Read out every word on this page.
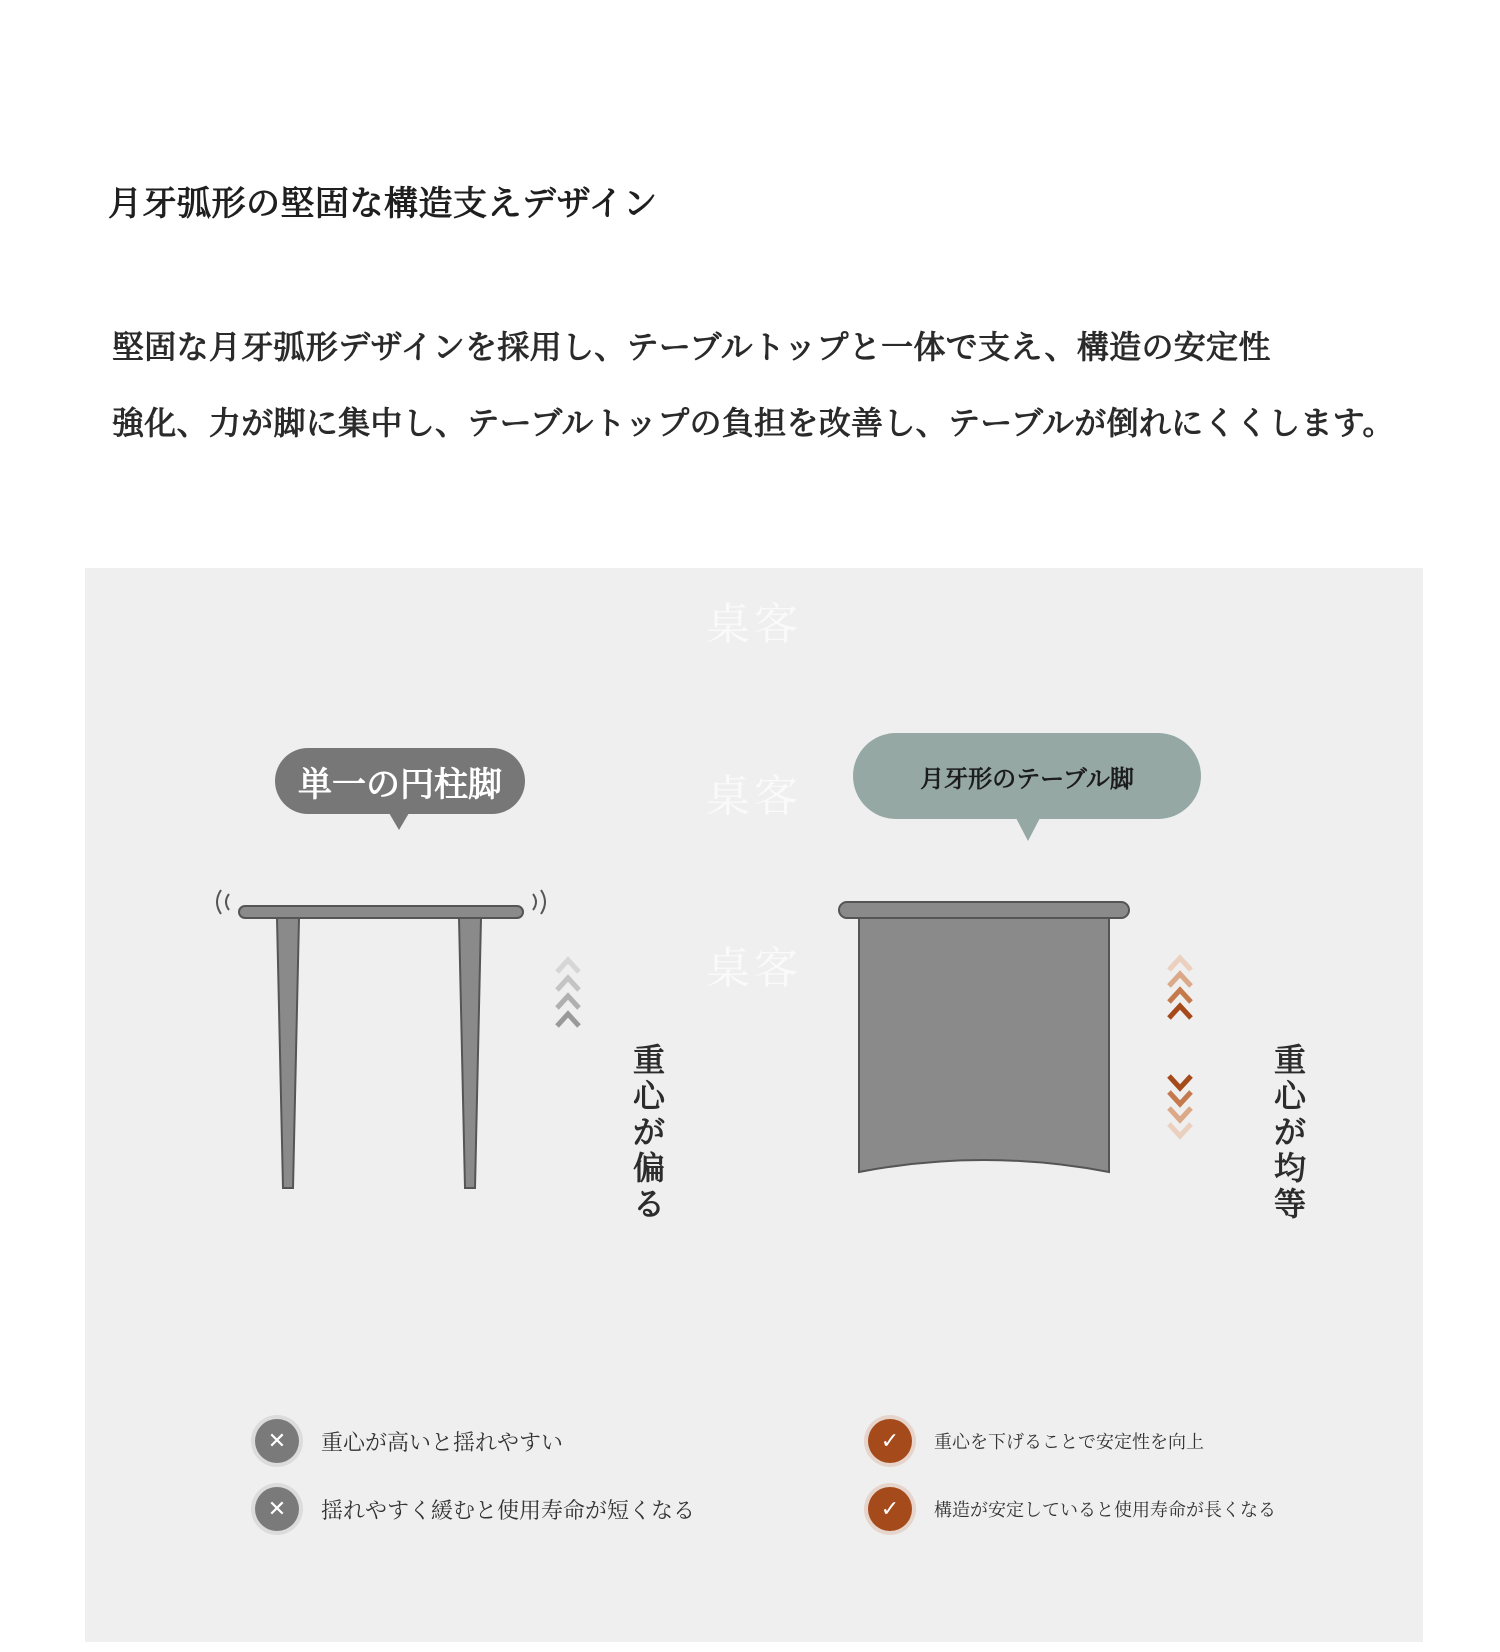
月牙弧形の堅固な構造支えデザイン
堅固な月牙弧形デザインを採用し、テーブルトップと一体で支え、構造の安定性
強化、力が脚に集中し、テーブルトップの負担を改善し、テーブルが倒れにくくします。
桌客
桌客
桌客
単一の円柱脚	月牙形のテーブル脚
重心が偏る
重心が均等
✕	重心が高いと揺れやすい
✕	揺れやすく緩むと使用寿命が短くなる
✓	重心を下げることで安定性を向上
✓	構造が安定していると使用寿命が長くなる
